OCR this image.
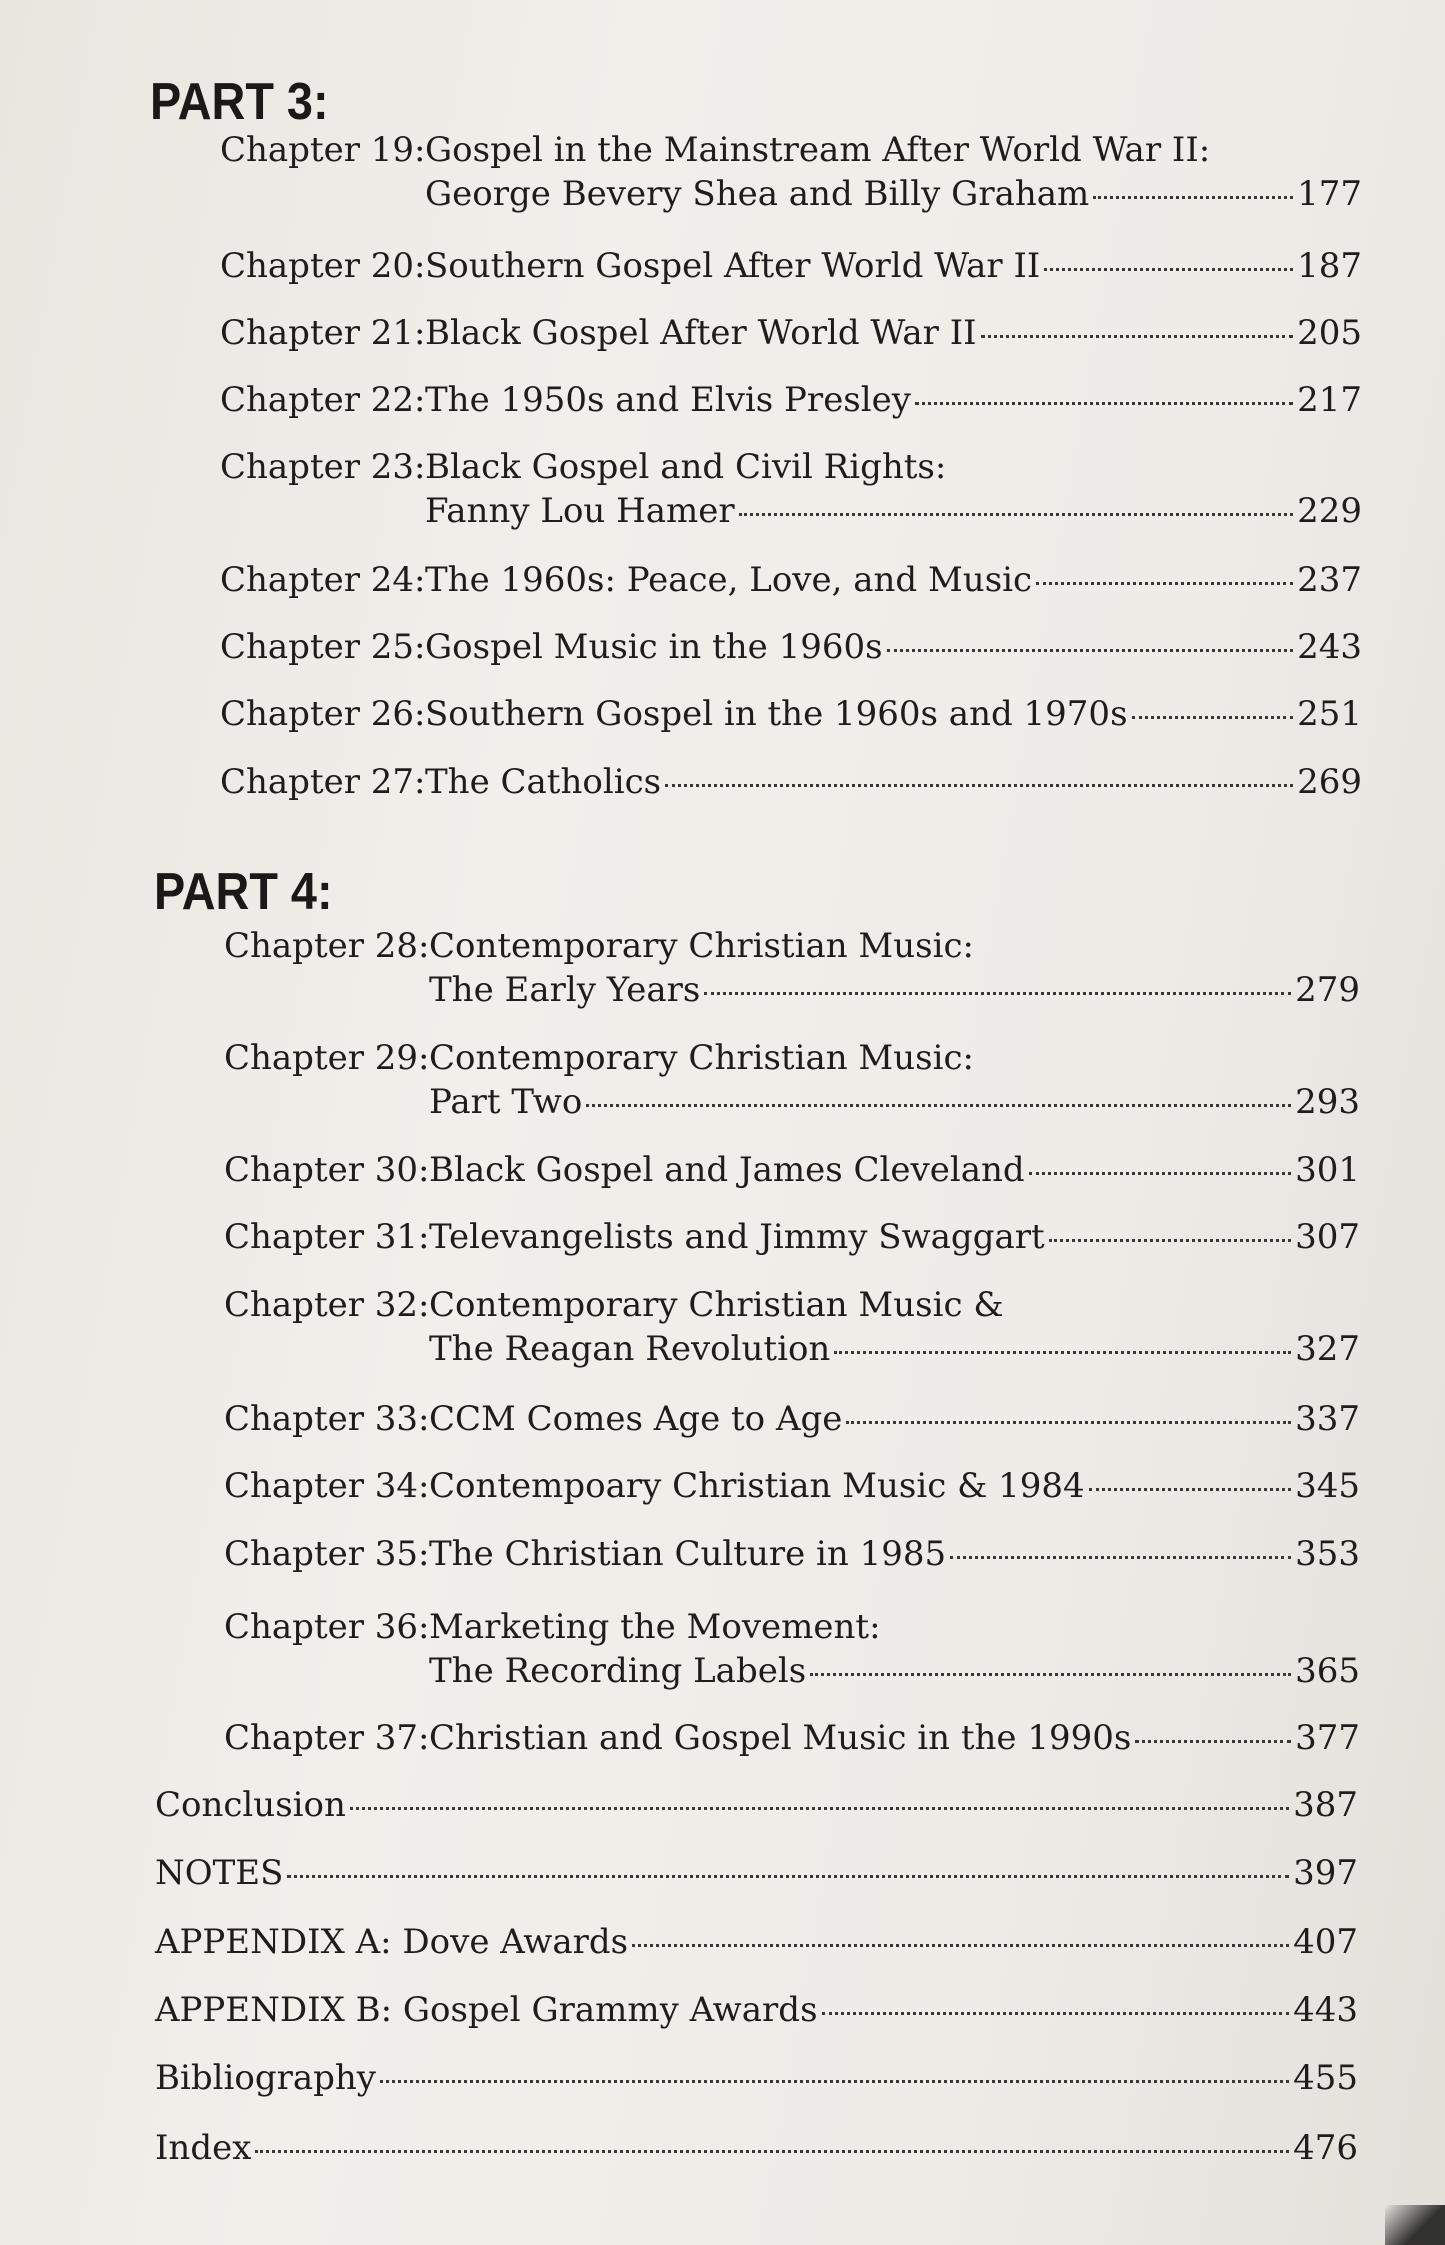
PART 3:
Chapter 19: Gospel in the Mainstream After World War II:
George Bevery Shea and Billy Graham	177
Chapter 20: Southern Gospel After World War II	187
Chapter 21: Black Gospel After World War II	205
Chapter 22: The 1950s and Elvis Presley	217
Chapter 23: Black Gospel and Civil Rights:
Fanny Lou Hamer	229
Chapter 24: The 1960s: Peace, Love, and Music	237
Chapter 25: Gospel Music in the 1960s	243
Chapter 26: Southern Gospel in the 1960s and 1970s	251
Chapter 27: The Catholics	269
PART 4:
Chapter 28: Contemporary Christian Music:
The Early Years	279
Chapter 29: Contemporary Christian Music:
Part Two	293
Chapter 30: Black Gospel and James Cleveland	301
Chapter 31: Televangelists and Jimmy Swaggart	307
Chapter 32: Contemporary Christian Music &
The Reagan Revolution	327
Chapter 33: CCM Comes Age to Age	337
Chapter 34: Contempoary Christian Music & 1984	345
Chapter 35: The Christian Culture in 1985	353
Chapter 36: Marketing the Movement:
The Recording Labels	365
Chapter 37: Christian and Gospel Music in the 1990s	377
Conclusion	387
NOTES	397
APPENDIX A: Dove Awards	407
APPENDIX B: Gospel Grammy Awards	443
Bibliography	455
Index	476
